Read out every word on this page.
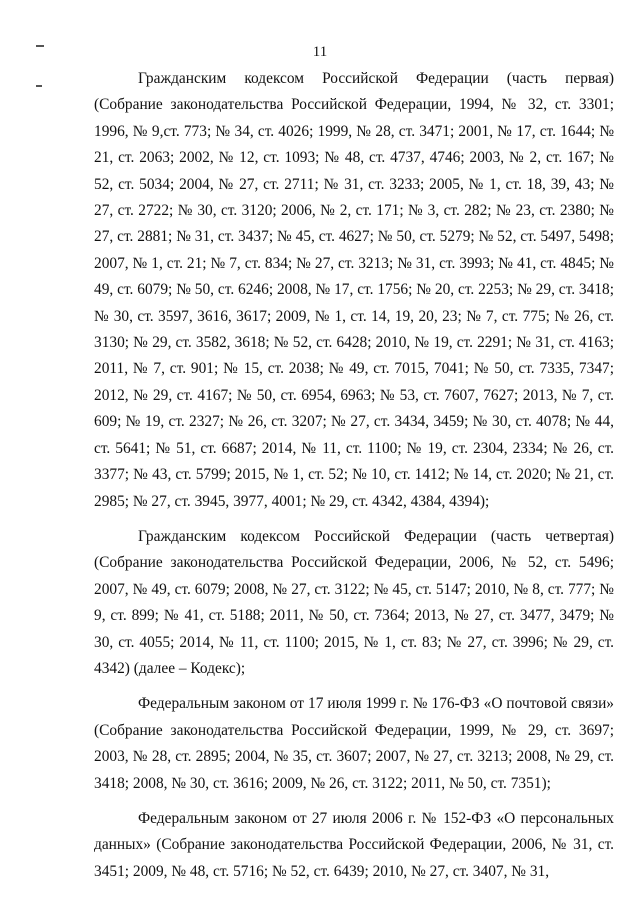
11

Гражданским кодексом Российской Федерации (часть первая) (Собрание законодательства Российской Федерации, 1994, № 32, ст. 3301; 1996, № 9,ст. 773; № 34, ст. 4026; 1999, № 28, ст. 3471; 2001, № 17, ст. 1644; № 21, ст. 2063; 2002, № 12, ст. 1093; № 48, ст. 4737, 4746; 2003, № 2, ст. 167; № 52, ст. 5034; 2004, № 27, ст. 2711; № 31, ст. 3233; 2005, № 1, ст. 18, 39, 43; № 27, ст. 2722; № 30, ст. 3120; 2006, № 2, ст. 171; № 3, ст. 282; № 23, ст. 2380; № 27, ст. 2881; № 31, ст. 3437; № 45, ст. 4627; № 50, ст. 5279; № 52, ст. 5497, 5498; 2007, № 1, ст. 21; № 7, ст. 834; № 27, ст. 3213; № 31, ст. 3993; № 41, ст. 4845; № 49, ст. 6079; № 50, ст. 6246; 2008, № 17, ст. 1756; № 20, ст. 2253; № 29, ст. 3418; № 30, ст. 3597, 3616, 3617; 2009, № 1, ст. 14, 19, 20, 23; № 7, ст. 775; № 26, ст. 3130; № 29, ст. 3582, 3618; № 52, ст. 6428; 2010, № 19, ст. 2291; № 31, ст. 4163; 2011, № 7, ст. 901; № 15, ст. 2038; № 49, ст. 7015, 7041; № 50, ст. 7335, 7347; 2012, № 29, ст. 4167; № 50, ст. 6954, 6963; № 53, ст. 7607, 7627; 2013, № 7, ст. 609; № 19, ст. 2327; № 26, ст. 3207; № 27, ст. 3434, 3459; № 30, ст. 4078; № 44, ст. 5641; № 51, ст. 6687; 2014, № 11, ст. 1100; № 19, ст. 2304, 2334; № 26, ст. 3377; № 43, ст. 5799; 2015, № 1, ст. 52; № 10, ст. 1412; № 14, ст. 2020; № 21, ст. 2985; № 27, ст. 3945, 3977, 4001; № 29, ст. 4342, 4384, 4394);

Гражданским кодексом Российской Федерации (часть четвертая) (Собрание законодательства Российской Федерации, 2006, № 52, ст. 5496; 2007, № 49, ст. 6079; 2008, № 27, ст. 3122; № 45, ст. 5147; 2010, № 8, ст. 777; № 9, ст. 899; № 41, ст. 5188; 2011, № 50, ст. 7364; 2013, № 27, ст. 3477, 3479; № 30, ст. 4055; 2014, № 11, ст. 1100; 2015, № 1, ст. 83; № 27, ст. 3996; № 29, ст. 4342) (далее – Кодекс);

Федеральным законом от 17 июля 1999 г. № 176-ФЗ «О почтовой связи» (Собрание законодательства Российской Федерации, 1999, № 29, ст. 3697; 2003, № 28, ст. 2895; 2004, № 35, ст. 3607; 2007, № 27, ст. 3213; 2008, № 29, ст. 3418; 2008, № 30, ст. 3616; 2009, № 26, ст. 3122; 2011, № 50, ст. 7351);

Федеральным законом от 27 июля 2006 г. № 152-ФЗ «О персональных данных» (Собрание законодательства Российской Федерации, 2006, № 31, ст. 3451; 2009, № 48, ст. 5716; № 52, ст. 6439; 2010, № 27, ст. 3407, № 31,
